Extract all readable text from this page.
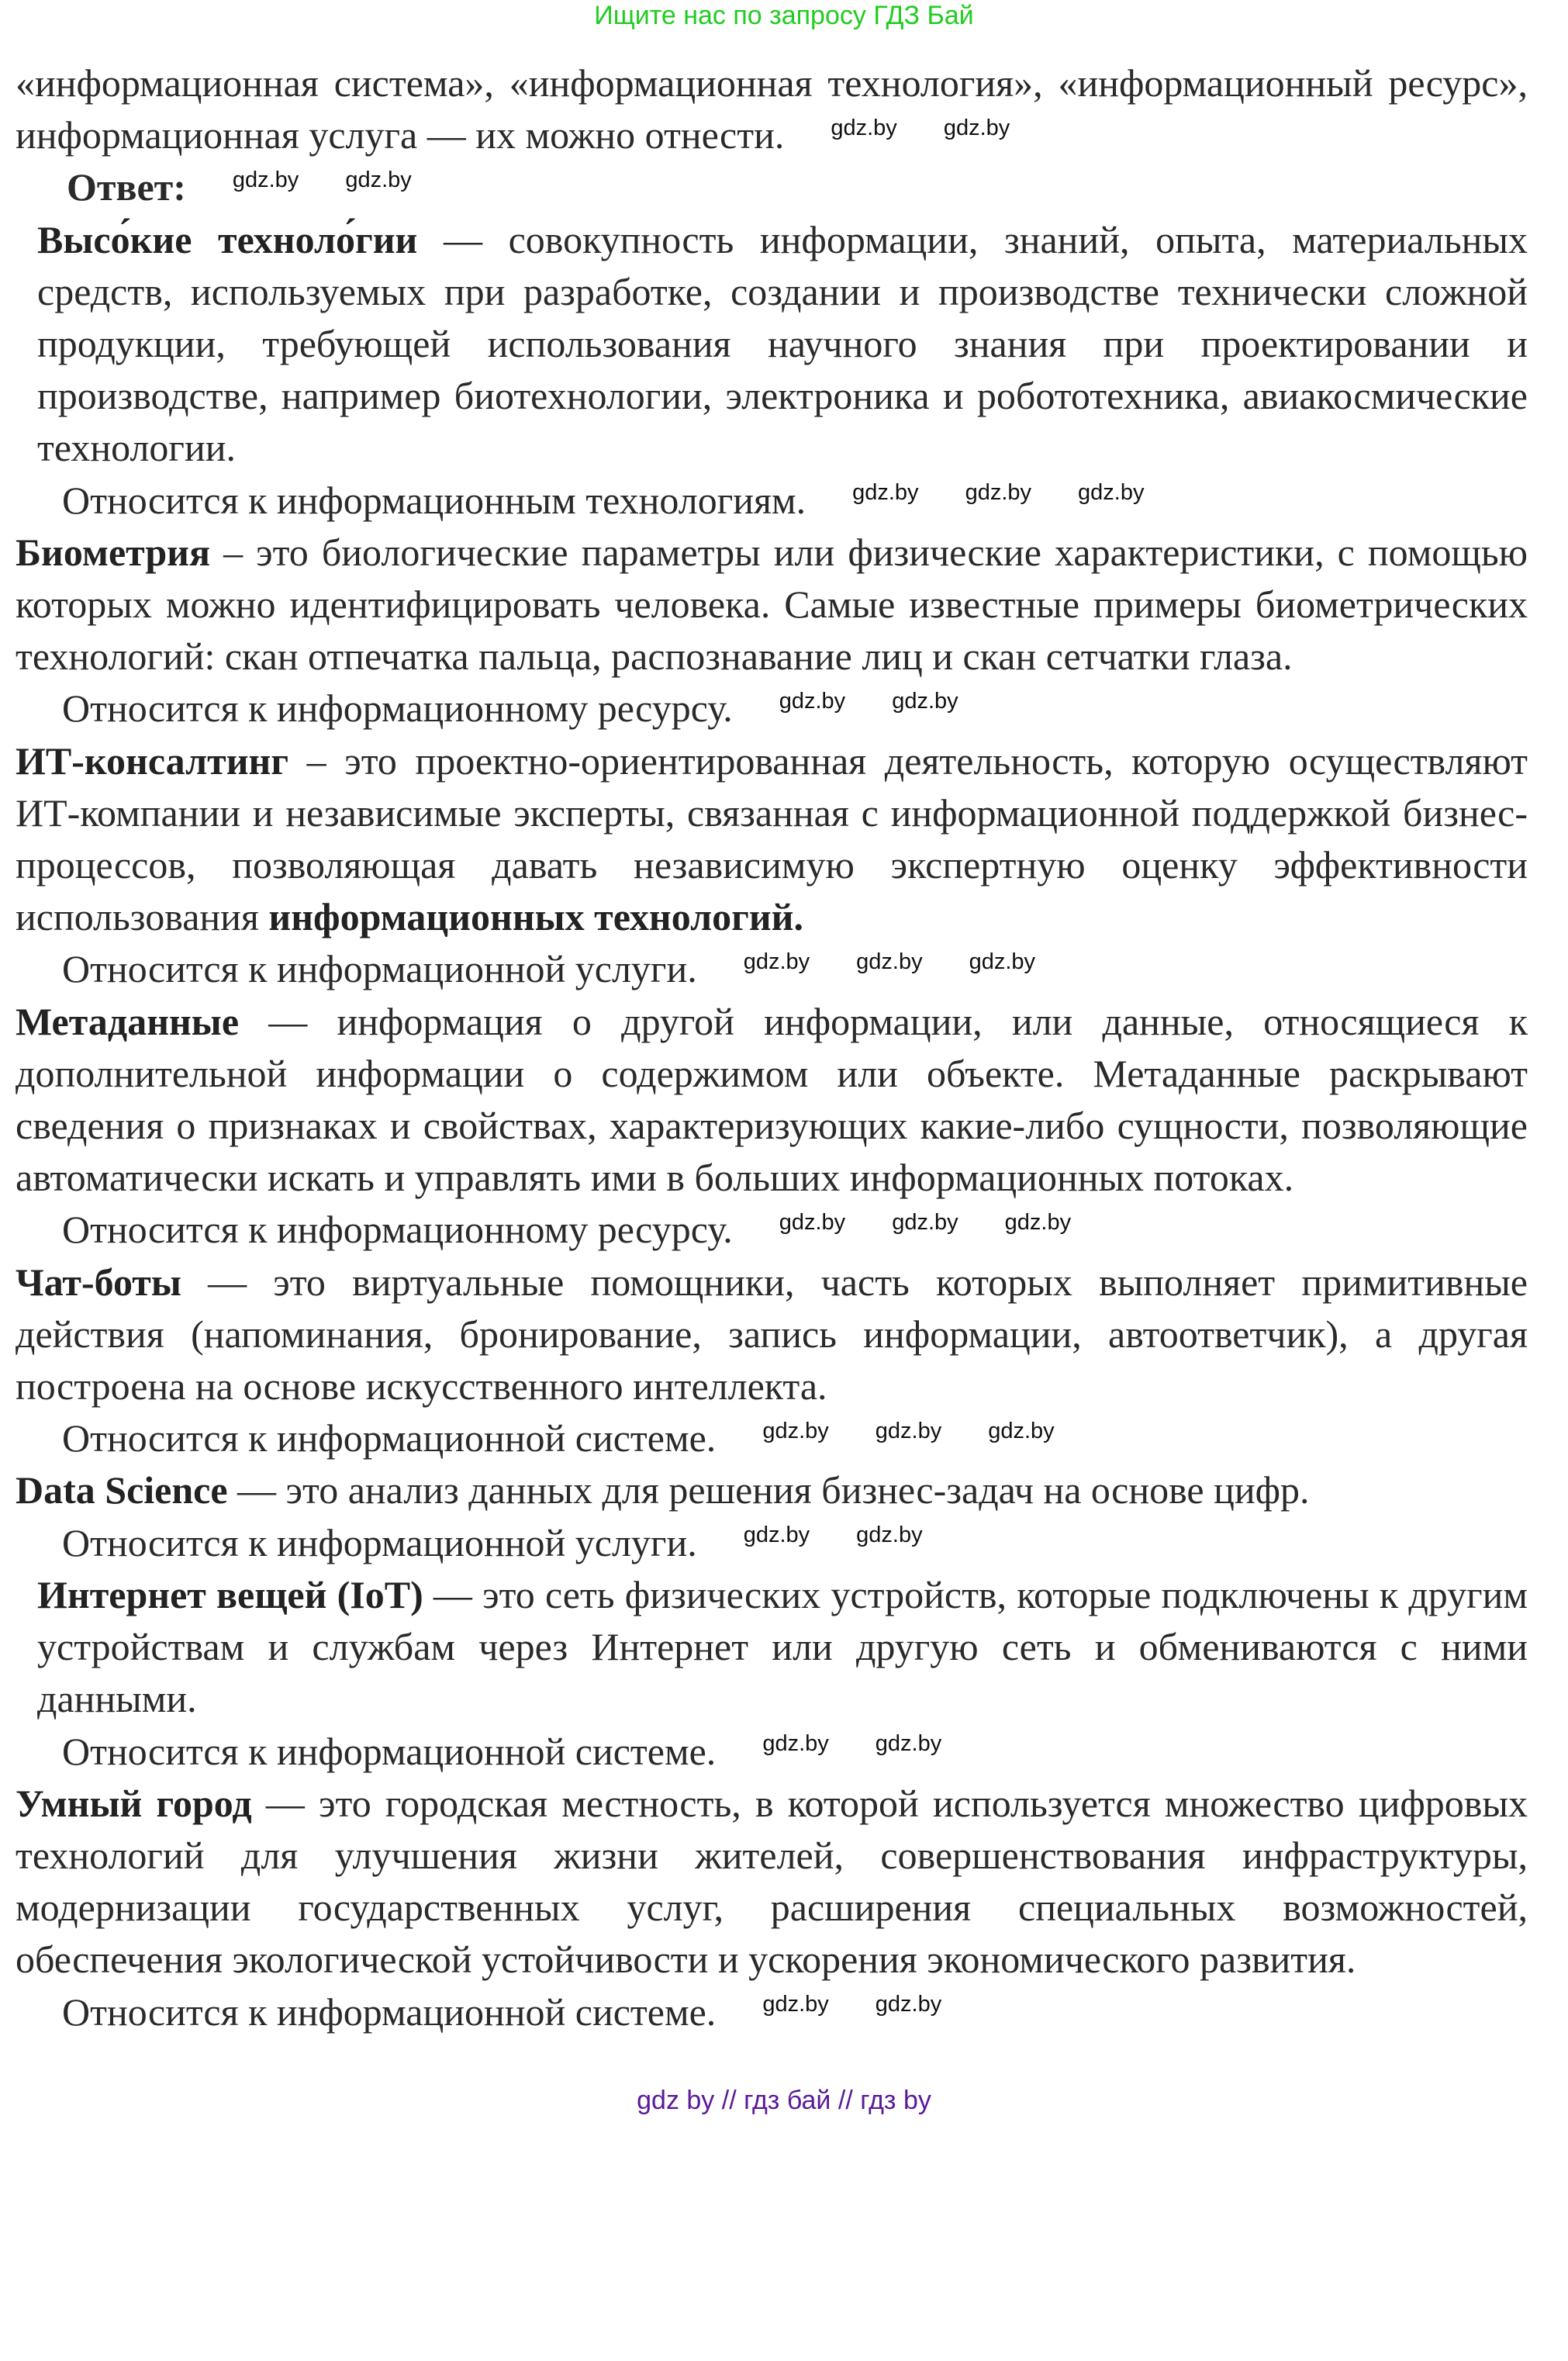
Ищите нас по запросу ГДЗ Бай

«информационная система», «информационная технология», «информационный ресурс», информационная услуга — их можно отнести. gdz.by gdz.by

Ответ: gdz.by gdz.by

Высо́кие техноло́гии — совокупность информации, знаний, опыта, материальных средств, используемых при разработке, создании и производстве технически сложной продукции, требующей использования научного знания при проектировании и производстве, например биотехнологии, электроника и робототехника, авиакосмические технологии.

Относится к информационным технологиям. gdz.by gdz.by gdz.by

Биометрия – это биологические параметры или физические характеристики, с помощью которых можно идентифицировать человека. Самые известные примеры биометрических технологий: скан отпечатка пальца, распознавание лиц и скан сетчатки глаза.

Относится к информационному ресурсу. gdz.by gdz.by

ИТ-консалтинг – это проектно-ориентированная деятельность, которую осуществляют ИТ-компании и независимые эксперты, связанная с информационной поддержкой бизнес-процессов, позволяющая давать независимую экспертную оценку эффективности использования информационных технологий.

Относится к информационной услуги. gdz.by gdz.by gdz.by

Метаданные — информация о другой информации, или данные, относящиеся к дополнительной информации о содержимом или объекте. Метаданные раскрывают сведения о признаках и свойствах, характеризующих какие-либо сущности, позволяющие автоматически искать и управлять ими в больших информационных потоках.

Относится к информационному ресурсу. gdz.by gdz.by gdz.by

Чат-боты — это виртуальные помощники, часть которых выполняет примитивные действия (напоминания, бронирование, запись информации, автоответчик), а другая построена на основе искусственного интеллекта.

Относится к информационной системе. gdz.by gdz.by gdz.by

Data Science — это анализ данных для решения бизнес-задач на основе цифр.

Относится к информационной услуги. gdz.by gdz.by

Интернет вещей (IoT) — это сеть физических устройств, которые подключены к другим устройствам и службам через Интернет или другую сеть и обмениваются с ними данными.

Относится к информационной системе. gdz.by gdz.by

Умный город — это городская местность, в которой используется множество цифровых технологий для улучшения жизни жителей, совершенствования инфраструктуры, модернизации государственных услуг, расширения специальных возможностей, обеспечения экологической устойчивости и ускорения экономического развития.

Относится к информационной системе. gdz.by gdz.by

gdz by // гдз бай // гдз by
